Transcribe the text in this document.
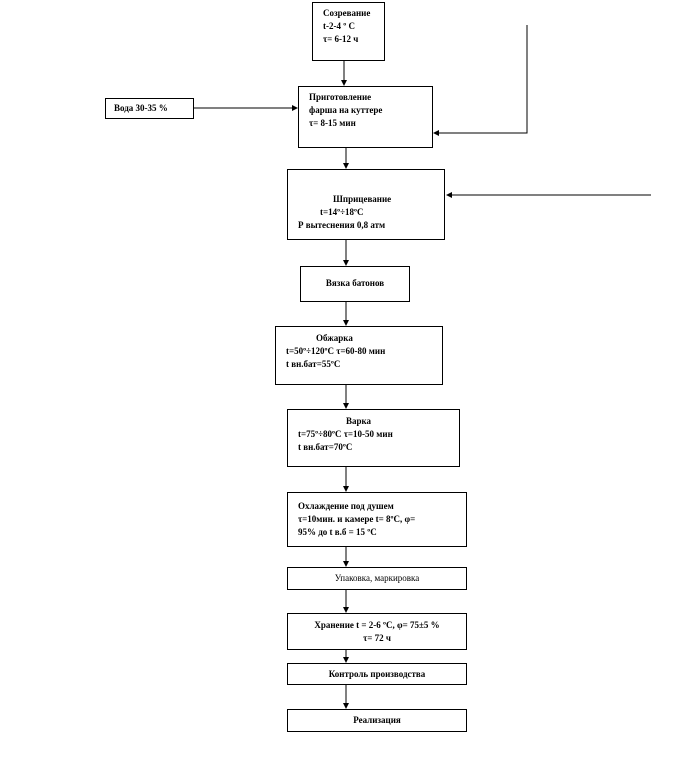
Созревание
t-2-4 º С
τ= 6-12 ч
Вода 30-35 %
Приготовление
фарша на куттере
τ= 8-15 мин
Шприцевание
t=14º÷18ºС
Р вытеснения 0,8 атм
Вязка батонов
Обжарка
t=50º÷120ºС τ=60-80 мин
t вн.бат=55ºС
Варка
t=75º÷80ºС τ=10-50 мин
t вн.бат=70ºС
Охлаждение под душем
τ=10мин. и камере t= 8ºС, φ=
95% до t в.б = 15 ºС
Упаковка, маркировка
Хранение t = 2-6 ºС, φ= 75±5 %
τ= 72 ч
Контроль производства
Реализация
